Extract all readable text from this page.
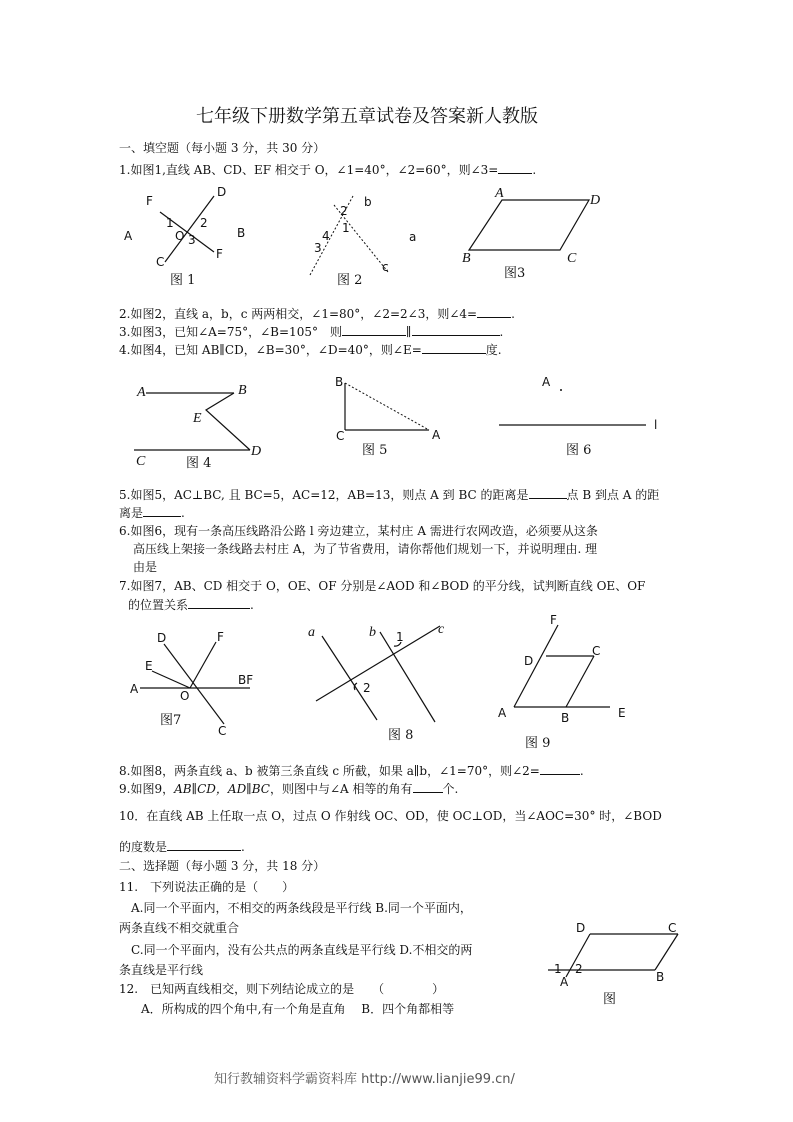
七年级下册数学第五章试卷及答案新人教版
一、填空题（每小题 3 分，共 30 分）
1.如图1,直线 AB、CD、EF 相交于 O，∠1=40°，∠2=60°，则∠3=	.
2.如图2，直线 a，b，c 两两相交，∠1=80°，∠2=2∠3，则∠4=	.
3.如图3，已知∠A=75°，∠B=105°　则	∥	.
4.如图4，已知 AB∥CD，∠B=30°，∠D=40°，则∠E=	度.
5.如图5，AC⊥BC, 且 BC=5，AC=12，AB=13，则点 A 到 BC 的距离是	点 B 到点 A 的距
离是	.
6.如图6，现有一条高压线路沿公路 l 旁边建立，某村庄 A 需进行农网改造，必须要从这条
高压线上架接一条线路去村庄 A，为了节省费用，请你帮他们规划一下，并说明理由. 理
由是
7.如图7，AB、CD 相交于 O，OE、OF 分别是∠AOD 和∠BOD 的平分线，试判断直线 OE、OF
的位置关系	.
8.如图8，两条直线 a、b 被第三条直线 c 所截，如果 a∥b，∠1=70°，则∠2=	.
9.如图9，AB∥CD，AD∥BC，则图中与∠A 相等的角有	个.
10．在直线 AB 上任取一点 O，过点 O 作射线 OC、OD，使 OC⊥OD，当∠AOC=30° 时，∠BOD
的度数是	.
二、选择题（每小题 3 分，共 18 分）
11.　下列说法正确的是（　　）
A.同一个平面内，不相交的两条线段是平行线 B.同一个平面内，
两条直线不相交就重合
C.同一个平面内，没有公共点的两条直线是平行线 D.不相交的两
条直线是平行线
12.　已知两直线相交，则下列结论成立的是　　（　　　　）
A．所构成的四个角中,有一个角是直角　 B．四个角都相等
知行教辅资料学霸资料库 http://www.lianjie99.cn/
D
F
1 2
O 3
A	B
C
F
图 1
b
2
1
4
3
a
c
图 2
A	D
B	C
图3
A	B
E
C
D
图 4
B
C	A
图 5
A
l
图 6
D	F
E
A	O
BF
C
图7
a	b 1 c
2
图 8
F
D
C
A	B	E
图 9
D	C
1 2
A	B
图
